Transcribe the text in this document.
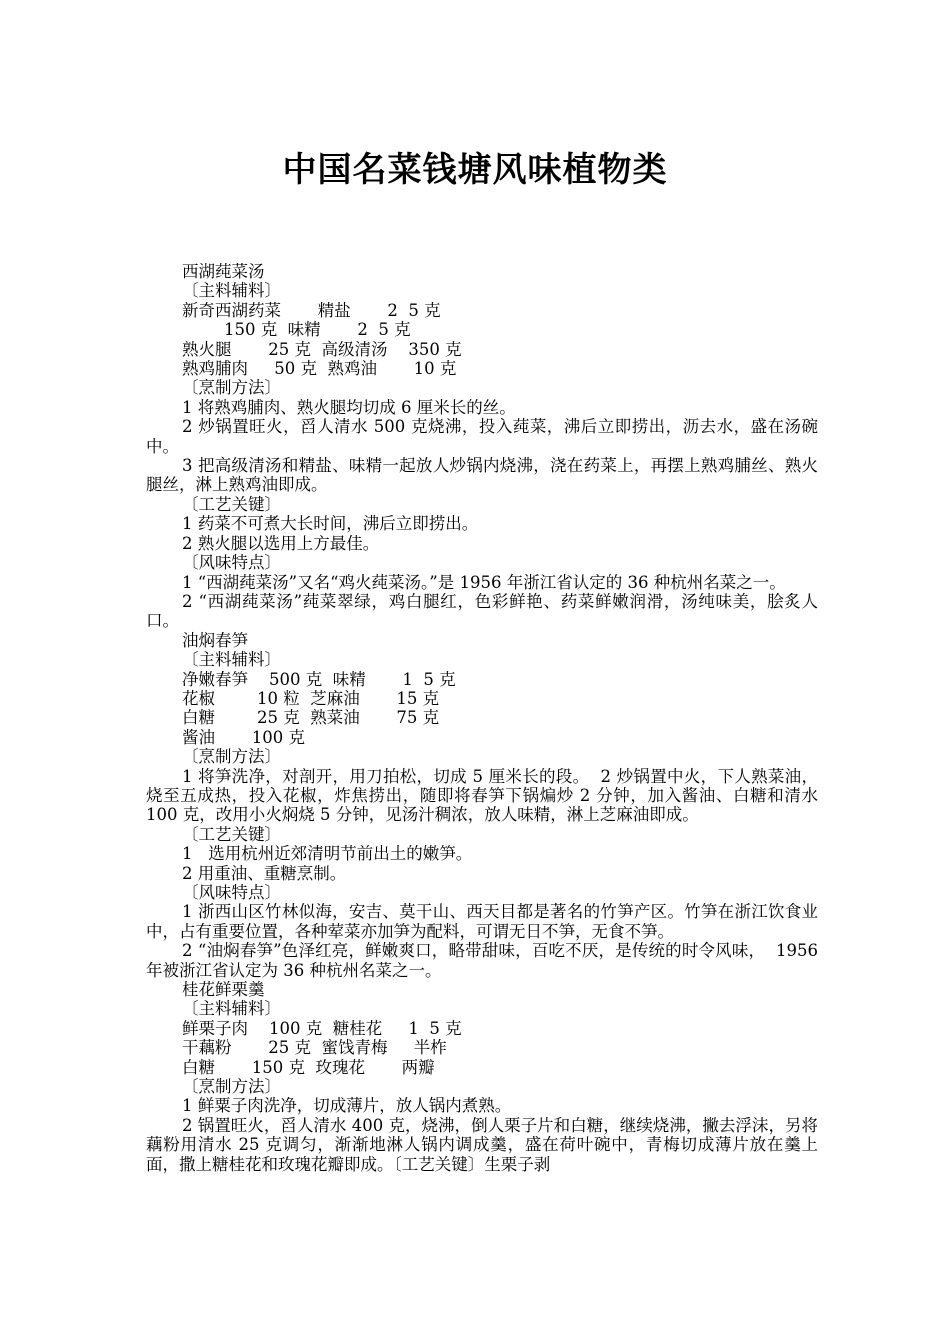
中国名菜钱塘风味植物类
西湖莼菜汤
〔主料辅料〕
新奇西湖药菜       精盐       2  5 克
150 克  味精       2  5 克
熟火腿       25 克  高级清汤    350 克
熟鸡脯肉     50 克  熟鸡油       10 克
〔烹制方法〕
1 将熟鸡脯肉、熟火腿均切成 6 厘米长的丝。
2 炒锅置旺火，舀人清水 500 克烧沸，投入莼菜，沸后立即捞出，沥去水，盛在汤碗中。
3 把高级清汤和精盐、味精一起放人炒锅内烧沸，浇在药菜上，再摆上熟鸡脯丝、熟火腿丝，淋上熟鸡油即成。
〔工艺关键〕
1 药菜不可煮大长时间，沸后立即捞出。
2 熟火腿以选用上方最佳。
〔风味特点〕
1 “西湖莼菜汤”又名“鸡火莼菜汤。”是 1956 年浙江省认定的 36 种杭州名菜之一。
2 “西湖莼菜汤”莼菜翠绿，鸡白腿红，色彩鲜艳、药菜鲜嫩润滑，汤纯味美，脍炙人口。
油焖春笋
〔主料辅料〕
净嫩春笋    500 克  味精       1  5 克
花椒        10 粒  芝麻油       15 克
白糖        25 克  熟菜油       75 克
酱油       100 克
〔烹制方法〕
1 将笋洗净，对剖开，用刀拍松，切成 5 厘米长的段。  2 炒锅置中火，下人熟菜油，烧至五成热，投入花椒，炸焦捞出，随即将春笋下锅煸炒 2 分钟，加入酱油、白糖和清水 100 克，改用小火焖烧 5 分钟，见汤汁稠浓，放人味精，淋上芝麻油即成。
〔工艺关键〕
1   选用杭州近郊清明节前出土的嫩笋。
2 用重油、重糖烹制。
〔风味特点〕
1 浙西山区竹林似海，安吉、莫干山、西天目都是著名的竹笋产区。竹笋在浙江饮食业中，占有重要位置，各种荤菜亦加笋为配料，可谓无日不笋，无食不笋。
2 “油焖春笋”色泽红亮，鲜嫩爽口，略带甜味，百吃不厌，是传统的时令风味，  1956 年被浙江省认定为 36 种杭州名菜之一。
桂花鲜栗羹
〔主料辅料〕
鲜栗子肉    100 克  糖桂花     1  5 克
干藕粉       25 克  蜜饯青梅     半柞
白糖       150 克  玫瑰花       两瓣
〔烹制方法〕
1 鲜粟子肉洗净，切成薄片，放人锅内煮熟。
2 锅置旺火，舀人清水 400 克，烧沸，倒人栗子片和白糖，继续烧沸，撇去浮沫，另将藕粉用清水 25 克调匀，渐渐地淋人锅内调成羹，盛在荷叶碗中，青梅切成薄片放在羹上面，撒上糖桂花和玫瑰花瓣即成。〔工艺关键〕生栗子剥
